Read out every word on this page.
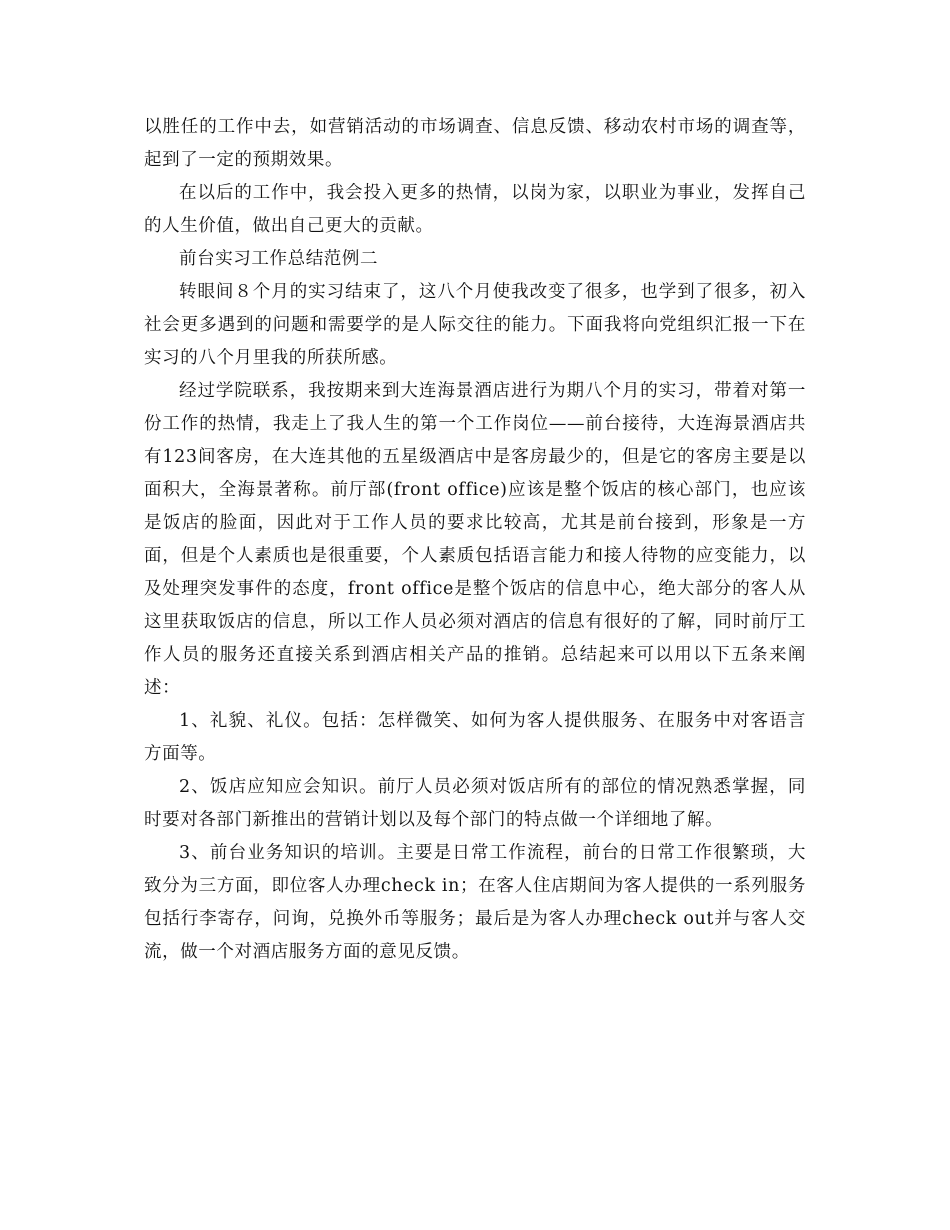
以胜任的工作中去，如营销活动的市场调查、信息反馈、移动农村市场的调查等，起到了一定的预期效果。

在以后的工作中，我会投入更多的热情，以岗为家，以职业为事业，发挥自己的人生价值，做出自己更大的贡献。

前台实习工作总结范例二

转眼间８个月的实习结束了，这八个月使我改变了很多，也学到了很多，初入社会更多遇到的问题和需要学的是人际交往的能力。下面我将向党组织汇报一下在实习的八个月里我的所获所感。

经过学院联系，我按期来到大连海景酒店进行为期八个月的实习，带着对第一份工作的热情，我走上了我人生的第一个工作岗位——前台接待，大连海景酒店共有123间客房，在大连其他的五星级酒店中是客房最少的，但是它的客房主要是以面积大，全海景著称。前厅部(front office)应该是整个饭店的核心部门，也应该是饭店的脸面，因此对于工作人员的要求比较高，尤其是前台接到，形象是一方面，但是个人素质也是很重要，个人素质包括语言能力和接人待物的应变能力，以及处理突发事件的态度，front office是整个饭店的信息中心，绝大部分的客人从这里获取饭店的信息，所以工作人员必须对酒店的信息有很好的了解，同时前厅工作人员的服务还直接关系到酒店相关产品的推销。总结起来可以用以下五条来阐述：

1、礼貌、礼仪。包括：怎样微笑、如何为客人提供服务、在服务中对客语言方面等。

2、饭店应知应会知识。前厅人员必须对饭店所有的部位的情况熟悉掌握，同时要对各部门新推出的营销计划以及每个部门的特点做一个详细地了解。

3、前台业务知识的培训。主要是日常工作流程，前台的日常工作很繁琐，大致分为三方面，即位客人办理check in；在客人住店期间为客人提供的一系列服务包括行李寄存，问询，兑换外币等服务；最后是为客人办理check out并与客人交流，做一个对酒店服务方面的意见反馈。
